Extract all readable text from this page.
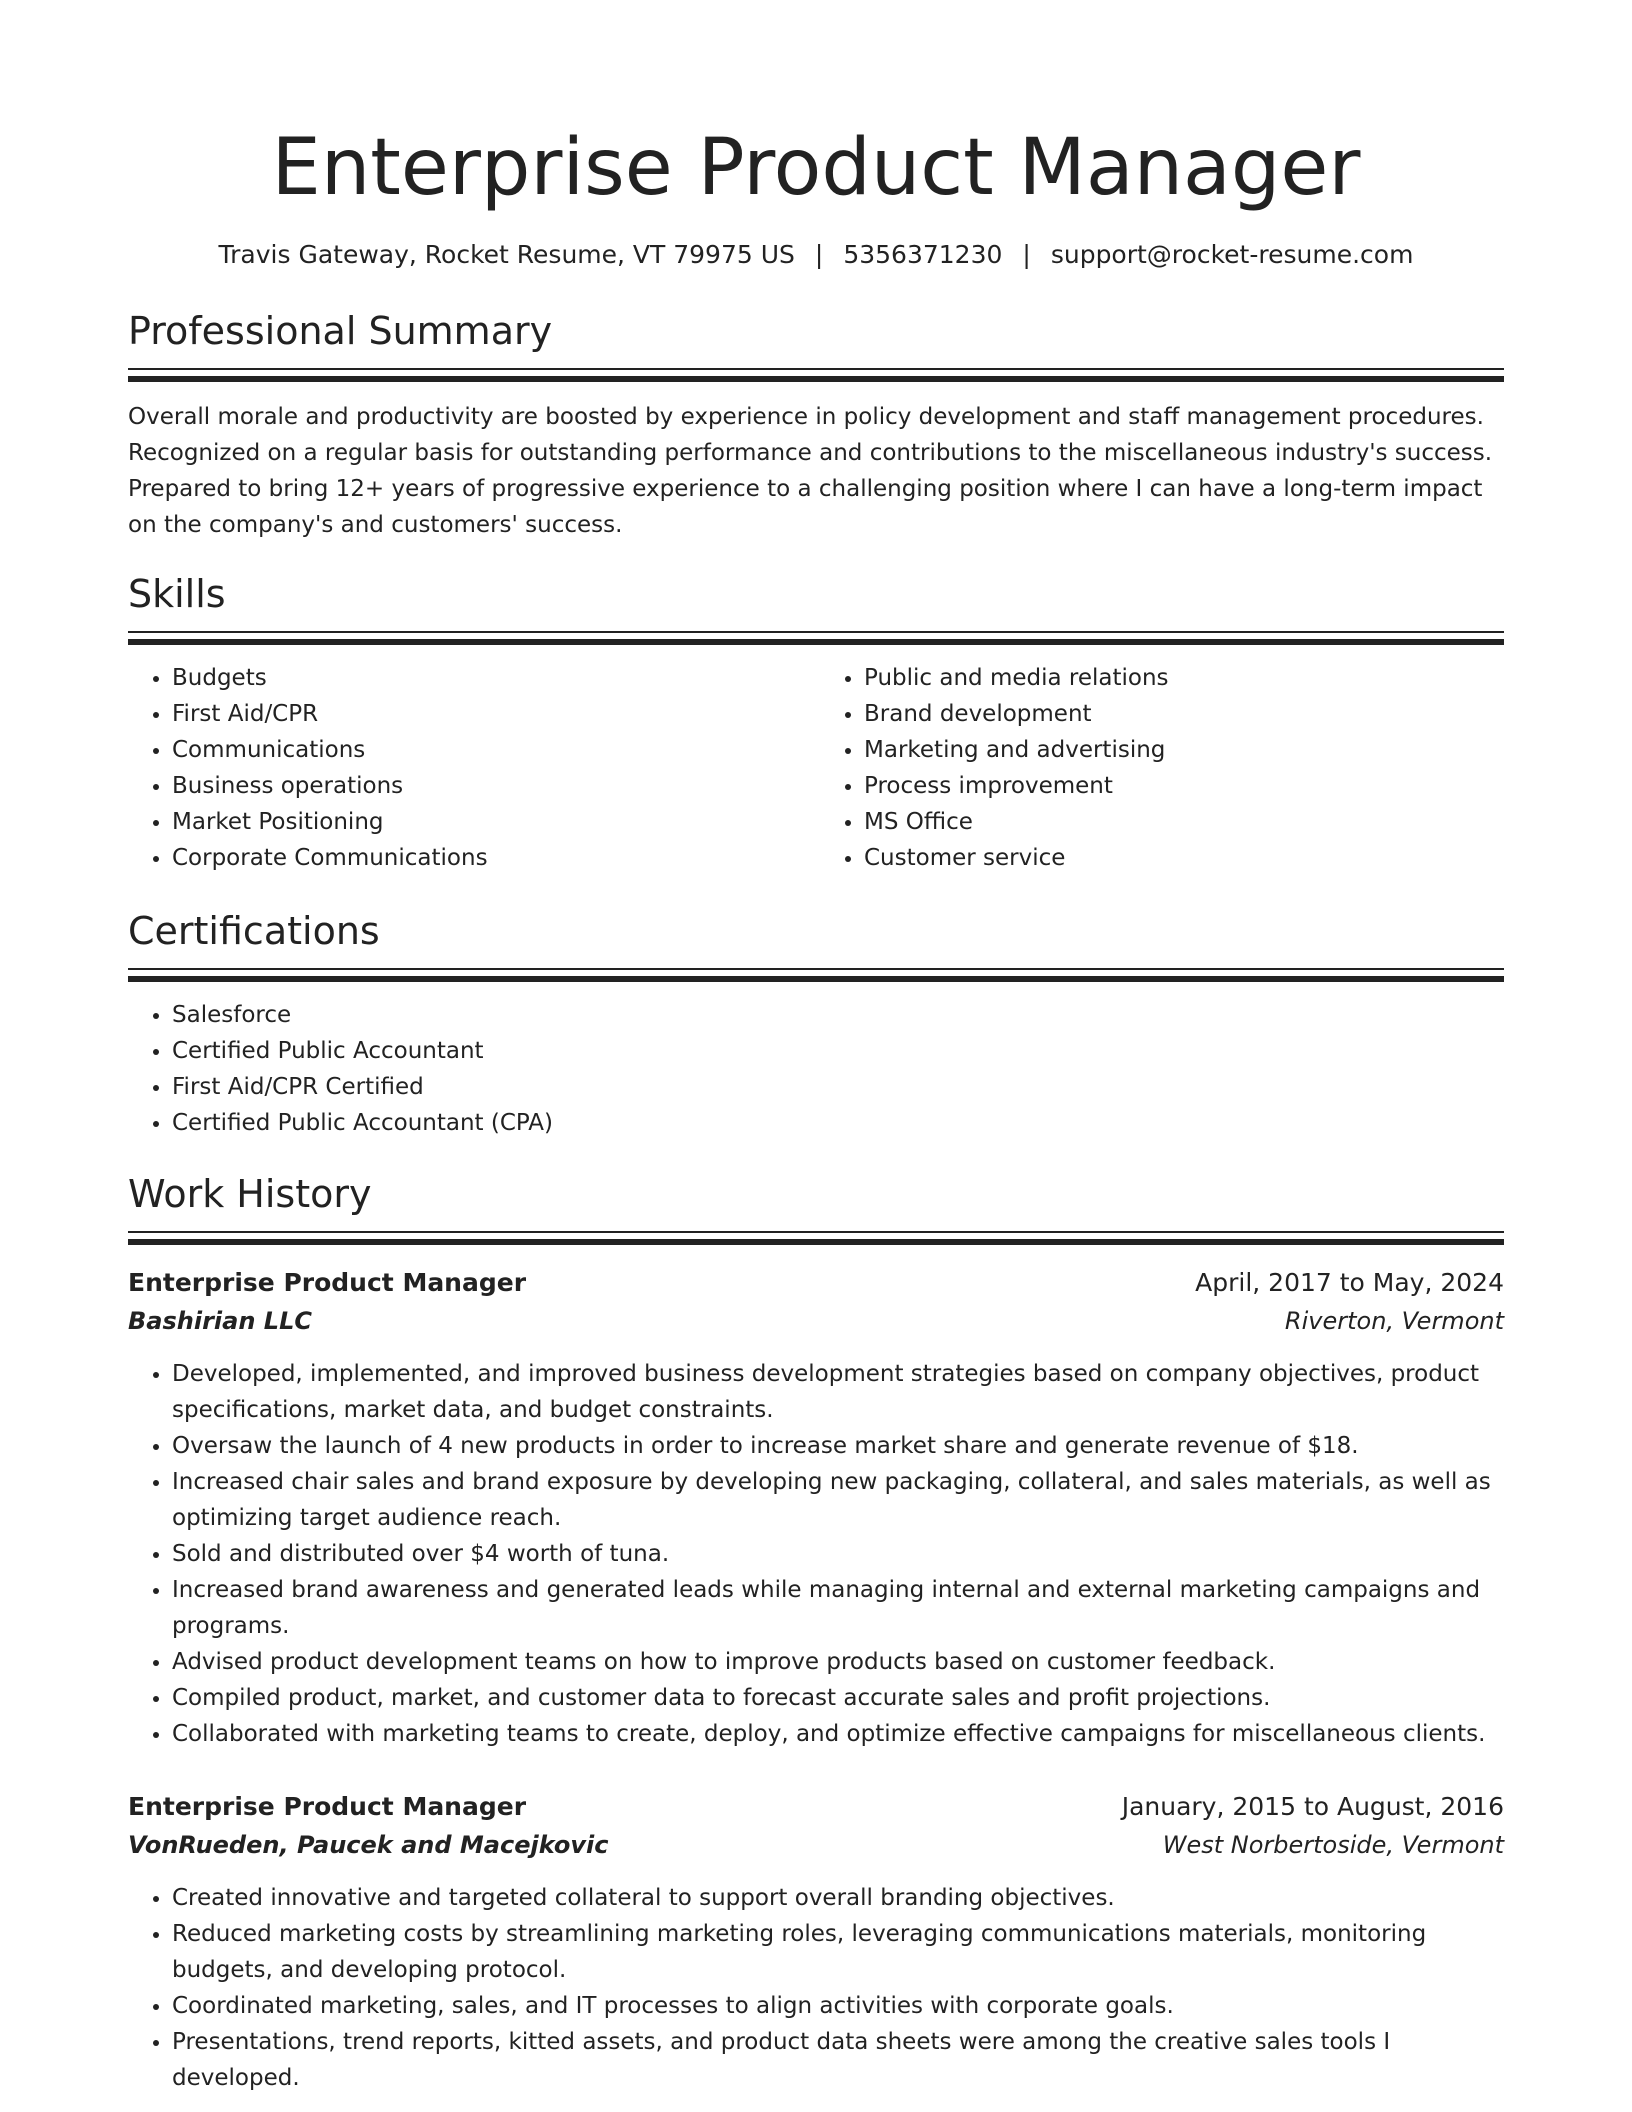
Enterprise Product Manager
Travis Gateway, Rocket Resume, VT 79975 US | 5356371230 | support@rocket-resume.com
Professional Summary

Overall morale and productivity are boosted by experience in policy development and staff management procedures. Recognized on a regular basis for outstanding performance and contributions to the miscellaneous industry's success. Prepared to bring 12+ years of progressive experience to a challenging position where I can have a long-term impact on the company's and customers' success.

Skills
• Budgets
• First Aid/CPR
• Communications
• Business operations
• Market Positioning
• Corporate Communications
• Public and media relations
• Brand development
• Marketing and advertising
• Process improvement
• MS Office
• Customer service
Certifications
• Salesforce
• Certified Public Accountant
• First Aid/CPR Certified
• Certified Public Accountant (CPA)
Work History
Enterprise Product Manager	April, 2017 to May, 2024
Bashirian LLC	Riverton, Vermont
• Developed, implemented, and improved business development strategies based on company objectives, product specifications, market data, and budget constraints.
• Oversaw the launch of 4 new products in order to increase market share and generate revenue of $18.
• Increased chair sales and brand exposure by developing new packaging, collateral, and sales materials, as well as optimizing target audience reach.
• Sold and distributed over $4 worth of tuna.
• Increased brand awareness and generated leads while managing internal and external marketing campaigns and programs.
• Advised product development teams on how to improve products based on customer feedback.
• Compiled product, market, and customer data to forecast accurate sales and profit projections.
• Collaborated with marketing teams to create, deploy, and optimize effective campaigns for miscellaneous clients.
Enterprise Product Manager	January, 2015 to August, 2016
VonRueden, Paucek and Macejkovic	West Norbertoside, Vermont
• Created innovative and targeted collateral to support overall branding objectives.
• Reduced marketing costs by streamlining marketing roles, leveraging communications materials, monitoring budgets, and developing protocol.
• Coordinated marketing, sales, and IT processes to align activities with corporate goals.
• Presentations, trend reports, kitted assets, and product data sheets were among the creative sales tools I developed.
